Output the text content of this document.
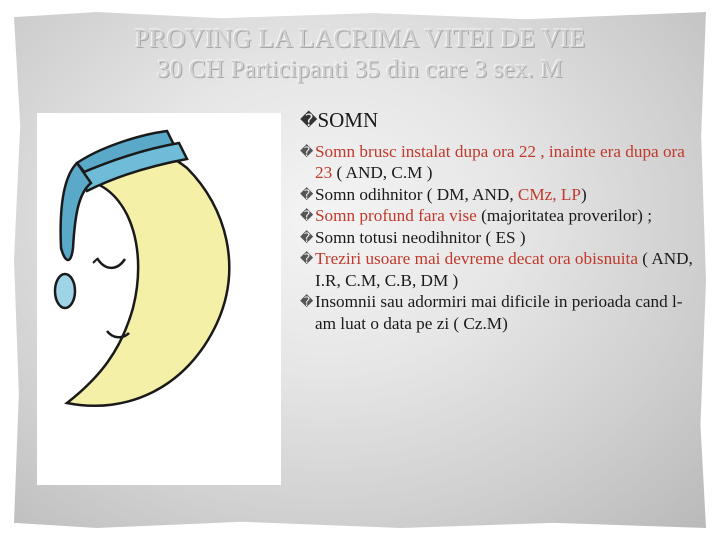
PROVING LA LACRIMA VITEI DE VIE
30 CH Participanti 35 din care 3 sex. M
�SOMN
� Somn brusc instalat dupa ora 22 , inainte era dupa ora 23 ( AND, C.M )
� Somn odihnitor ( DM, AND, CMz, LP)
� Somn profund fara vise (majoritatea proverilor) ;
� Somn totusi neodihnitor ( ES )
� Treziri usoare mai devreme decat ora obisnuita ( AND, I.R, C.M, C.B, DM )
� Insomnii sau adormiri mai dificile in perioada cand l-am luat o data pe zi ( Cz.M)
